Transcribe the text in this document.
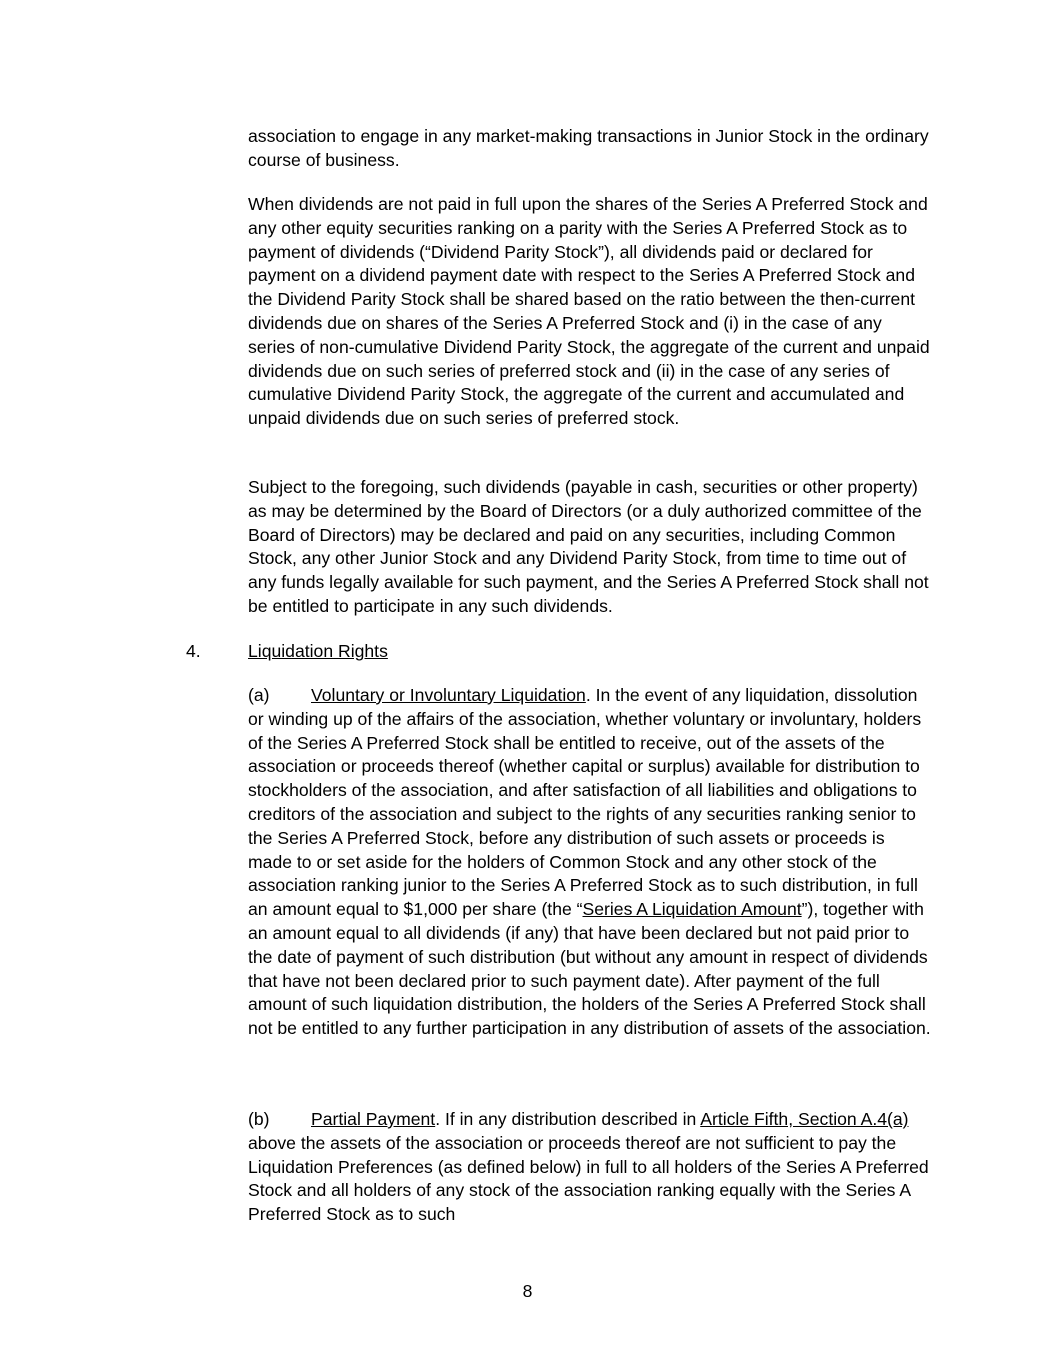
association to engage in any market-making transactions in Junior Stock in the ordinary course of business.

When dividends are not paid in full upon the shares of the Series A Preferred Stock and any other equity securities ranking on a parity with the Series A Preferred Stock as to payment of dividends (“Dividend Parity Stock”), all dividends paid or declared for payment on a dividend payment date with respect to the Series A Preferred Stock and the Dividend Parity Stock shall be shared based on the ratio between the then-current dividends due on shares of the Series A Preferred Stock and (i) in the case of any series of non-cumulative Dividend Parity Stock, the aggregate of the current and unpaid dividends due on such series of preferred stock and (ii) in the case of any series of cumulative Dividend Parity Stock, the aggregate of the current and accumulated and unpaid dividends due on such series of preferred stock.

Subject to the foregoing, such dividends (payable in cash, securities or other property) as may be determined by the Board of Directors (or a duly authorized committee of the Board of Directors) may be declared and paid on any securities, including Common Stock, any other Junior Stock and any Dividend Parity Stock, from time to time out of any funds legally available for such payment, and the Series A Preferred Stock shall not be entitled to participate in any such dividends.

4.	Liquidation Rights

(a) Voluntary or Involuntary Liquidation. In the event of any liquidation, dissolution or winding up of the affairs of the association, whether voluntary or involuntary, holders of the Series A Preferred Stock shall be entitled to receive, out of the assets of the association or proceeds thereof (whether capital or surplus) available for distribution to stockholders of the association, and after satisfaction of all liabilities and obligations to creditors of the association and subject to the rights of any securities ranking senior to the Series A Preferred Stock, before any distribution of such assets or proceeds is made to or set aside for the holders of Common Stock and any other stock of the association ranking junior to the Series A Preferred Stock as to such distribution, in full an amount equal to $1,000 per share (the “Series A Liquidation Amount”), together with an amount equal to all dividends (if any) that have been declared but not paid prior to the date of payment of such distribution (but without any amount in respect of dividends that have not been declared prior to such payment date). After payment of the full amount of such liquidation distribution, the holders of the Series A Preferred Stock shall not be entitled to any further participation in any distribution of assets of the association.

(b) Partial Payment. If in any distribution described in Article Fifth, Section A.4(a) above the assets of the association or proceeds thereof are not sufficient to pay the Liquidation Preferences (as defined below) in full to all holders of the Series A Preferred Stock and all holders of any stock of the association ranking equally with the Series A Preferred Stock as to such

8
